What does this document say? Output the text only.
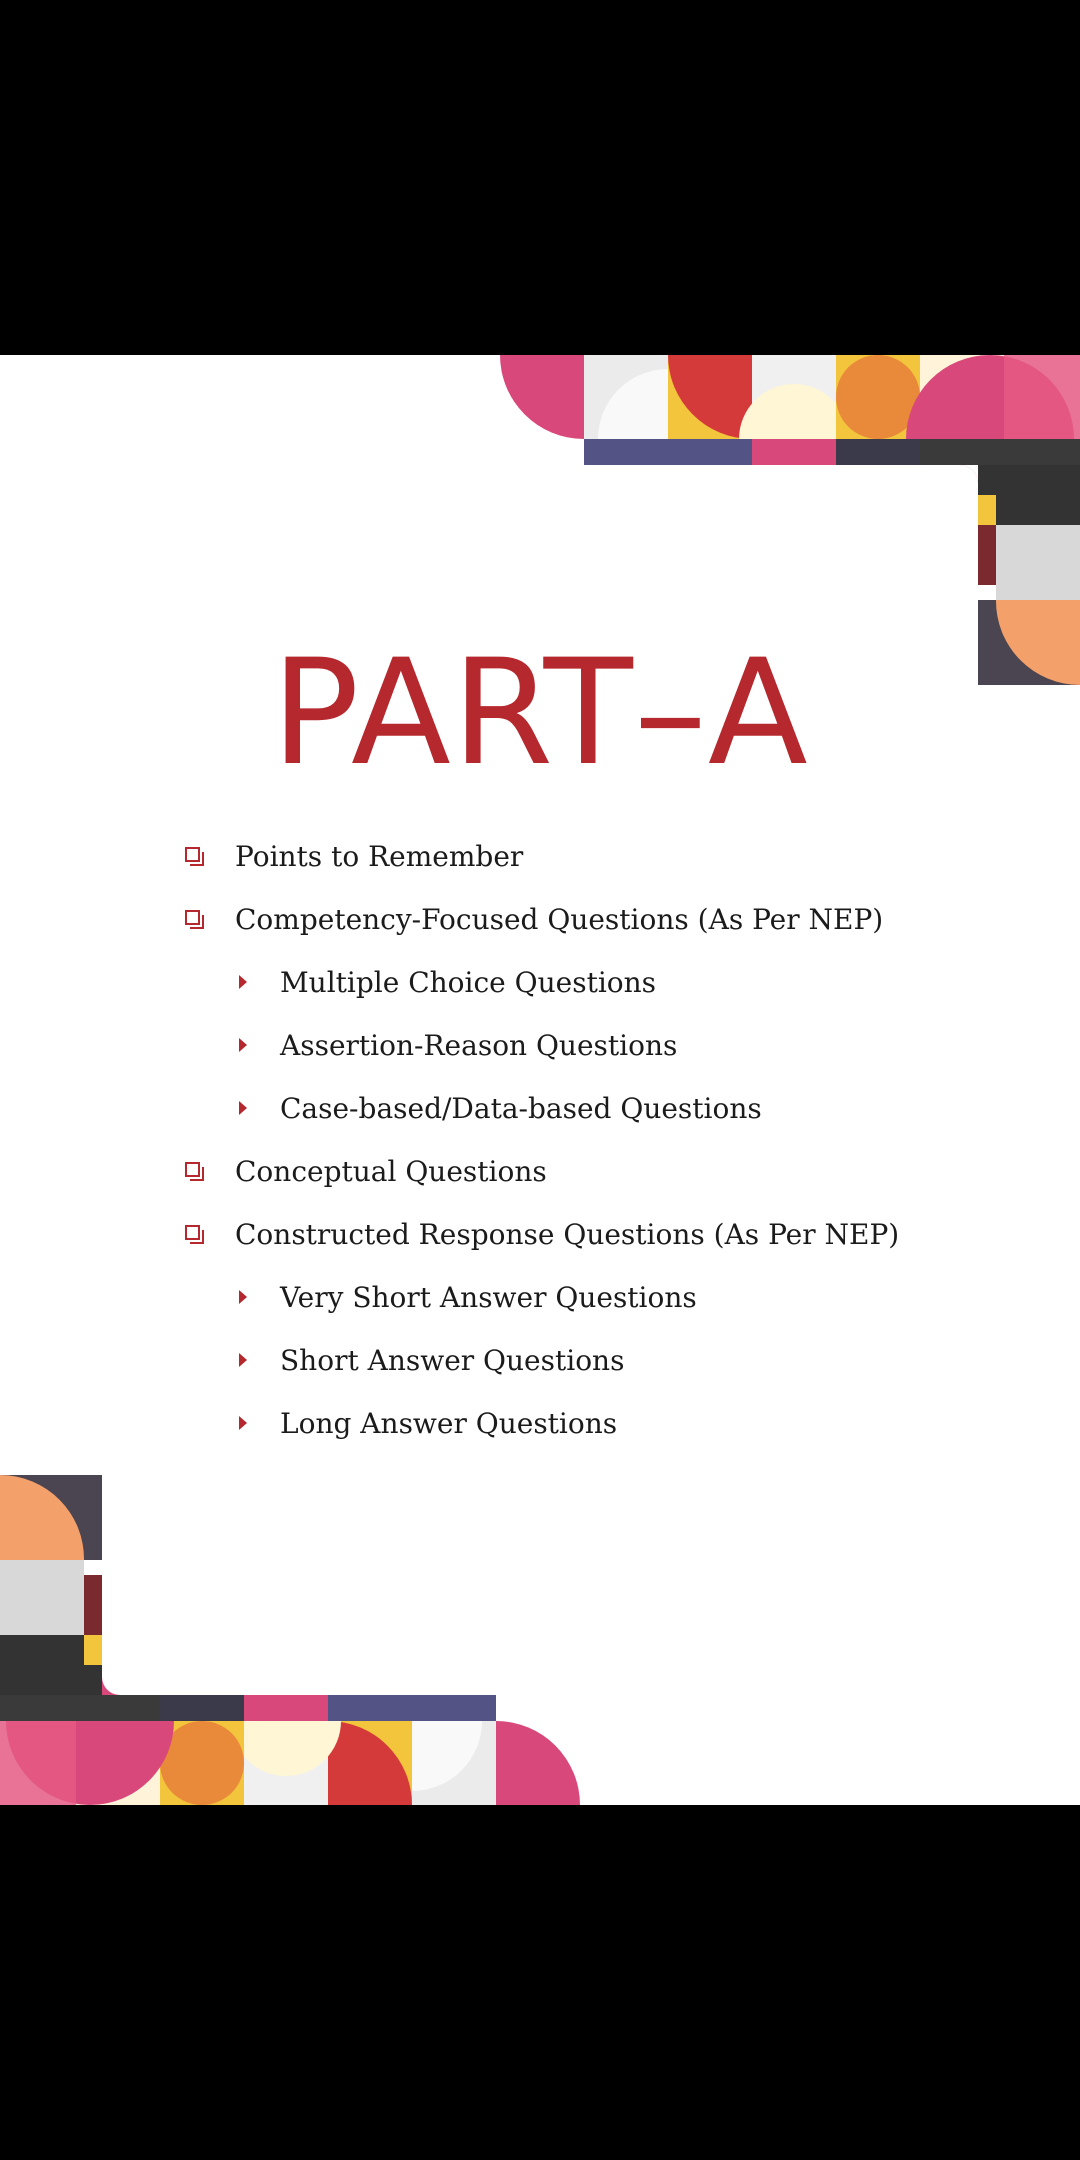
PART–A
Points to Remember
Competency-Focused Questions (As Per NEP)
Multiple Choice Questions
Assertion-Reason Questions
Case-based/Data-based Questions
Conceptual Questions
Constructed Response Questions (As Per NEP)
Very Short Answer Questions
Short Answer Questions
Long Answer Questions
